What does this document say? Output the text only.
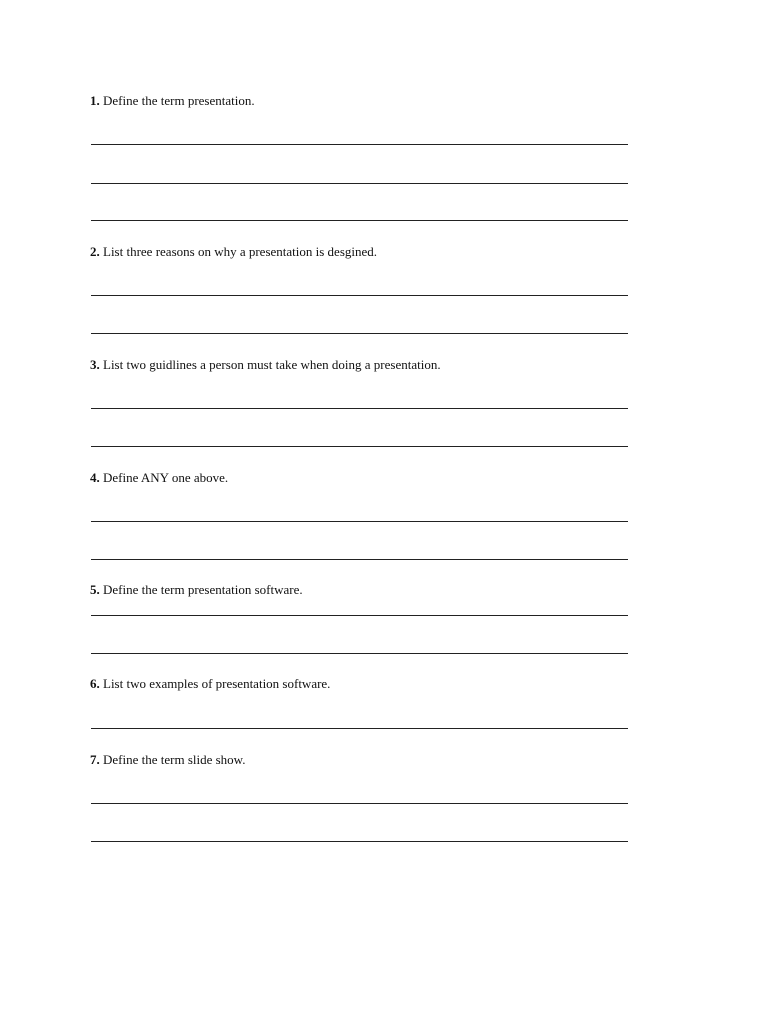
1. Define the term presentation.
2. List three reasons on why a presentation is desgined.
3. List two guidlines a person must take when doing a presentation.
4. Define ANY one above.
5. Define the term presentation software.
6. List two examples of presentation software.
7. Define the term slide show.
